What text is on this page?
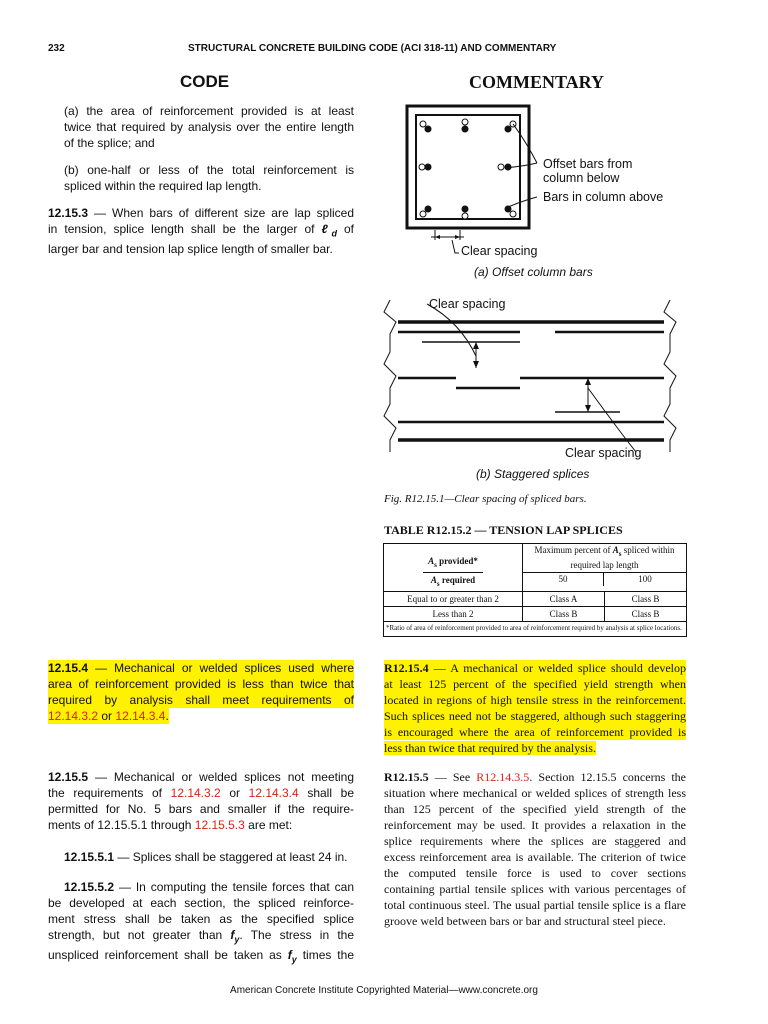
232	STRUCTURAL CONCRETE BUILDING CODE (ACI 318-11) AND COMMENTARY
CODE	COMMENTARY
(a) the area of reinforcement provided is at least
twice that required by analysis over the entire length
of the splice; and
(b) one-half or less of the total reinforcement is
spliced within the required lap length.
12.15.3 — When bars of different size are lap spliced
in tension, splice length shall be the larger of ℓ$_d$ of
larger bar and tension lap splice length of smaller bar.
Offset bars from
column below
Bars in column above
Clear spacing
(a) Offset column bars
Clear spacing
Clear spacing
(b) Staggered splices
Fig. R12.15.1—Clear spacing of spliced bars.
TABLE R12.15.2 — TENSION LAP SPLICES
$A_s$ provided*
$A_s$ required
Maximum percent of $A_s$ spliced within
required lap length
50	100
Equal to or greater than 2	Class A	Class B
Less than 2	Class B	Class B
*Ratio of area of reinforcement provided to area of reinforcement required by analysis at splice locations.
12.15.4 — Mechanical or welded splices used where
area of reinforcement provided is less than twice that
required by analysis shall meet requirements of
12.14.3.2 or 12.14.3.4.
R12.15.4 — A mechanical or welded splice should develop
at least 125 percent of the specified yield strength when
located in regions of high tensile stress in the reinforcement.
Such splices need not be staggered, although such staggering
is encouraged where the area of reinforcement provided is
less than twice that required by the analysis.
12.15.5 — Mechanical or welded splices not meeting
the requirements of 12.14.3.2 or 12.14.3.4 shall be
permitted for No. 5 bars and smaller if the require-
ments of 12.15.5.1 through 12.15.5.3 are met:
12.15.5.1 — Splices shall be staggered at least 24 in.
12.15.5.2 — In computing the tensile forces that can
be developed at each section, the spliced reinforce-
ment stress shall be taken as the specified splice
strength, but not greater than $f_y$. The stress in the
unspliced reinforcement shall be taken as $f_y$ times the
R12.15.5 — See R12.14.3.5. Section 12.15.5 concerns the
situation where mechanical or welded splices of strength less
than 125 percent of the specified yield strength of the
reinforcement may be used. It provides a relaxation in the
splice requirements where the splices are staggered and
excess reinforcement area is available. The criterion of twice
the computed tensile force is used to cover sections
containing partial tensile splices with various percentages of
total continuous steel. The usual partial tensile splice is a flare
groove weld between bars or bar and structural steel piece.
American Concrete Institute Copyrighted Material—www.concrete.org
